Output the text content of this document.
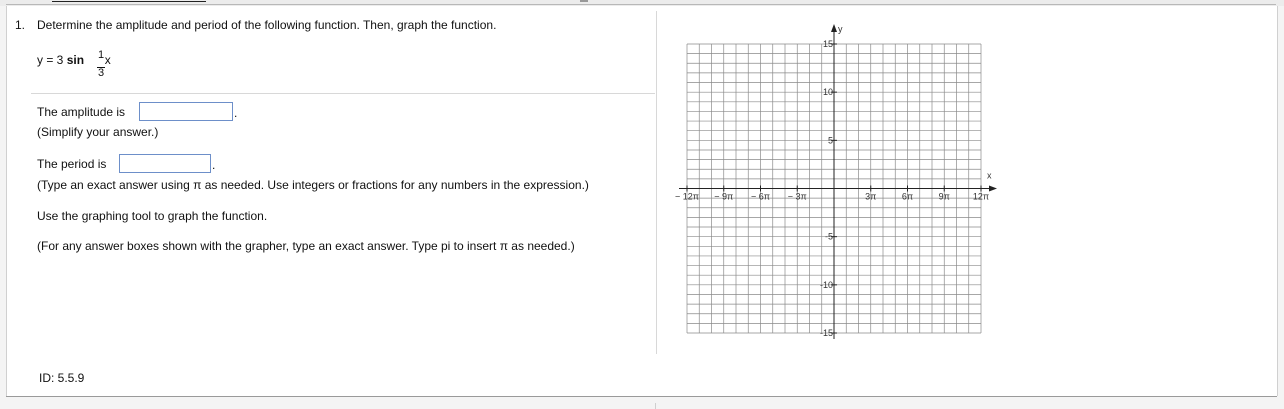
1. Determine the amplitude and period of the following function. Then, graph the function.
y = 3 sin x
1
3
The amplitude is	.
(Simplify your answer.)
The period is	.
(Type an exact answer using π as needed. Use integers or fractions for any numbers in the expression.)
Use the graphing tool to graph the function.
(For any answer boxes shown with the grapher, type an exact answer. Type pi to insert π as needed.)
ID: 5.5.9
x
y
− 12π − 9π − 6π − 3π	3π	6π	9π	12π
15
10
5
-5
-10
-15
